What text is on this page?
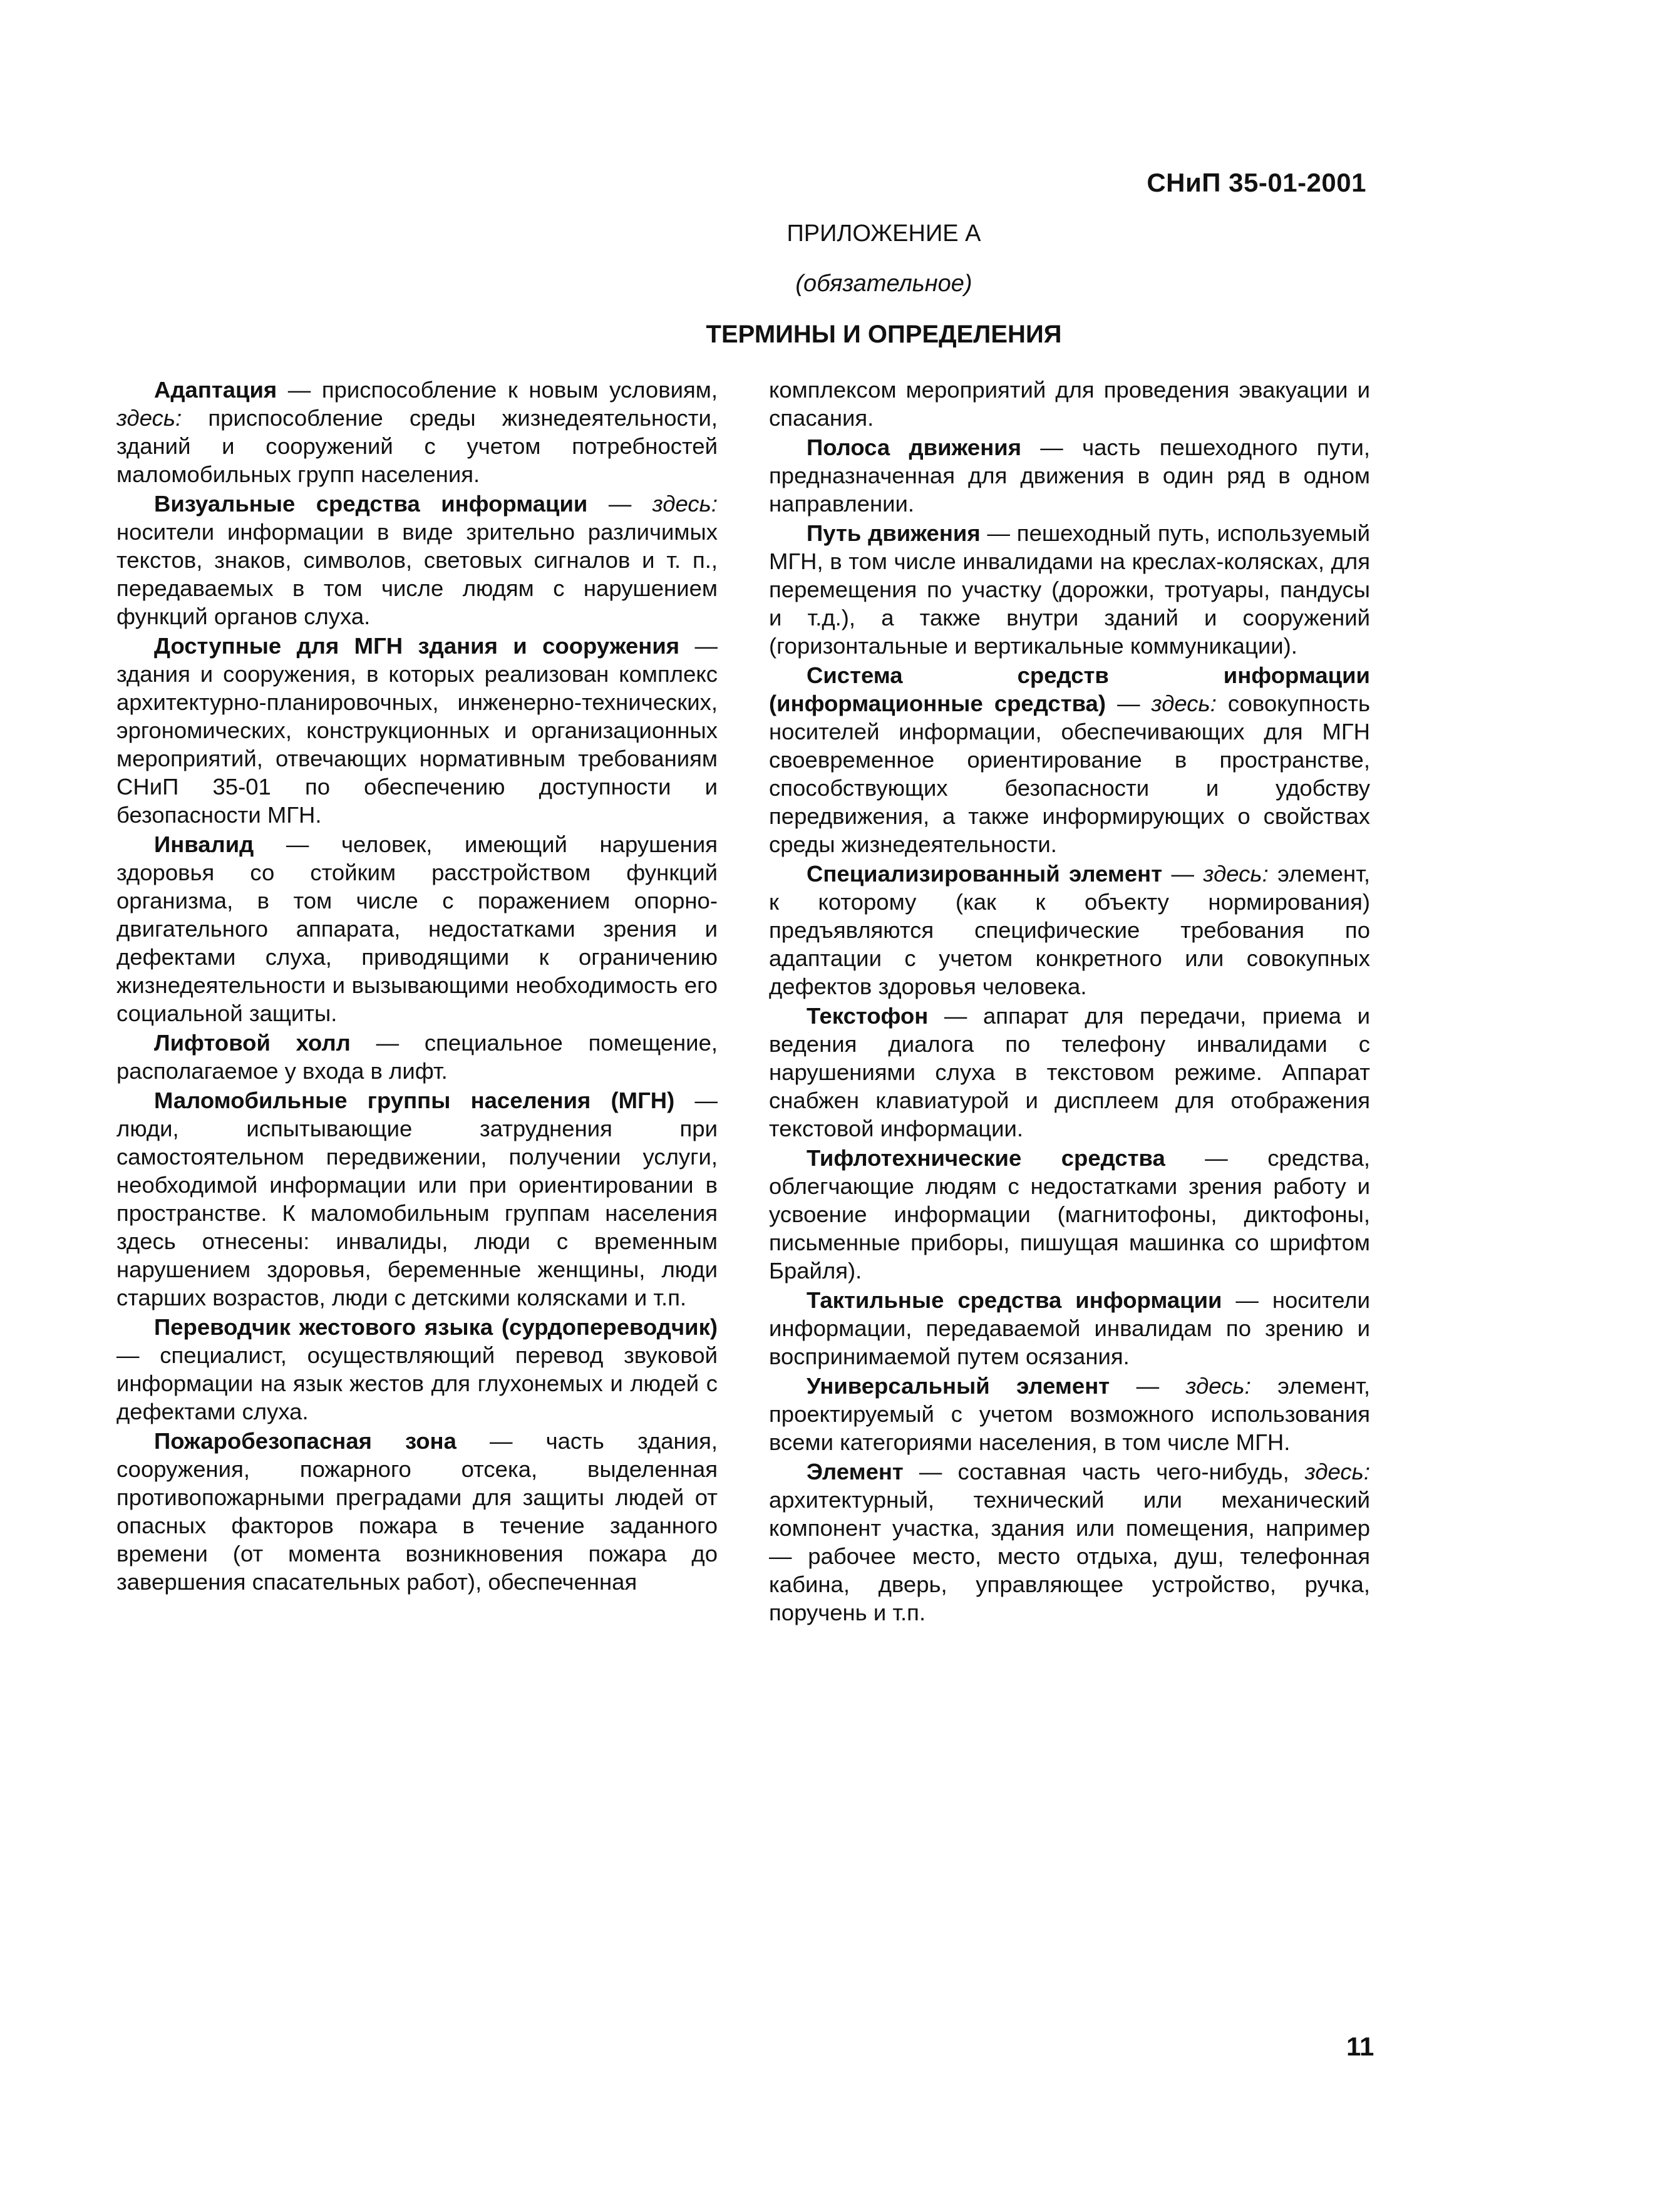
СНиП 35-01-2001
ПРИЛОЖЕНИЕ А
(обязательное)
ТЕРМИНЫ И ОПРЕДЕЛЕНИЯ

Адаптация — приспособление к новым условиям, здесь: приспособление среды жизнедеятельности, зданий и сооружений с учетом потребностей маломобильных групп населения.

Визуальные средства информации — здесь: носители информации в виде зрительно различимых текстов, знаков, символов, световых сигналов и т. п., передаваемых в том числе людям с нарушением функций органов слуха.

Доступные для МГН здания и сооружения — здания и сооружения, в которых реализован комплекс архитектурно-планировочных, инженерно-технических, эргономических, конструкционных и организационных мероприятий, отвечающих нормативным требованиям СНиП 35-01 по обеспечению доступности и безопасности МГН.

Инвалид — человек, имеющий нарушения здоровья со стойким расстройством функций организма, в том числе с поражением опорно-двигательного аппарата, недостатками зрения и дефектами слуха, приводящими к ограничению жизнедеятельности и вызывающими необходимость его социальной защиты.

Лифтовой холл — специальное помещение, располагаемое у входа в лифт.

Маломобильные группы населения (МГН) — люди, испытывающие затруднения при самостоятельном передвижении, получении услуги, необходимой информации или при ориентировании в пространстве. К маломобильным группам населения здесь отнесены: инвалиды, люди с временным нарушением здоровья, беременные женщины, люди старших возрастов, люди с детскими колясками и т.п.

Переводчик жестового языка (сурдопереводчик) — специалист, осуществляющий перевод звуковой информации на язык жестов для глухонемых и людей с дефектами слуха.

Пожаробезопасная зона — часть здания, сооружения, пожарного отсека, выделенная противопожарными преградами для защиты людей от опасных факторов пожара в течение заданного времени (от момента возникновения пожара до завершения спасательных работ), обеспеченная

комплексом мероприятий для проведения эвакуации и спасания.

Полоса движения — часть пешеходного пути, предназначенная для движения в один ряд в одном направлении.

Путь движения — пешеходный путь, используемый МГН, в том числе инвалидами на креслах-колясках, для перемещения по участку (дорожки, тротуары, пандусы и т.д.), а также внутри зданий и сооружений (горизонтальные и вертикальные коммуникации).

Система средств информации (информационные средства) — здесь: совокупность носителей информации, обеспечивающих для МГН своевременное ориентирование в пространстве, способствующих безопасности и удобству передвижения, а также информирующих о свойствах среды жизнедеятельности.

Специализированный элемент — здесь: элемент, к которому (как к объекту нормирования) предъявляются специфические требования по адаптации с учетом конкретного или совокупных дефектов здоровья человека.

Текстофон — аппарат для передачи, приема и ведения диалога по телефону инвалидами с нарушениями слуха в текстовом режиме. Аппарат снабжен клавиатурой и дисплеем для отображения текстовой информации.

Тифлотехнические средства — средства, облегчающие людям с недостатками зрения работу и усвоение информации (магнитофоны, диктофоны, письменные приборы, пишущая машинка со шрифтом Брайля).

Тактильные средства информации — носители информации, передаваемой инвалидам по зрению и воспринимаемой путем осязания.

Универсальный элемент — здесь: элемент, проектируемый с учетом возможного использования всеми категориями населения, в том числе МГН.

Элемент — составная часть чего-нибудь, здесь: архитектурный, технический или механический компонент участка, здания или помещения, например — рабочее место, место отдыха, душ, телефонная кабина, дверь, управляющее устройство, ручка, поручень и т.п.

11
